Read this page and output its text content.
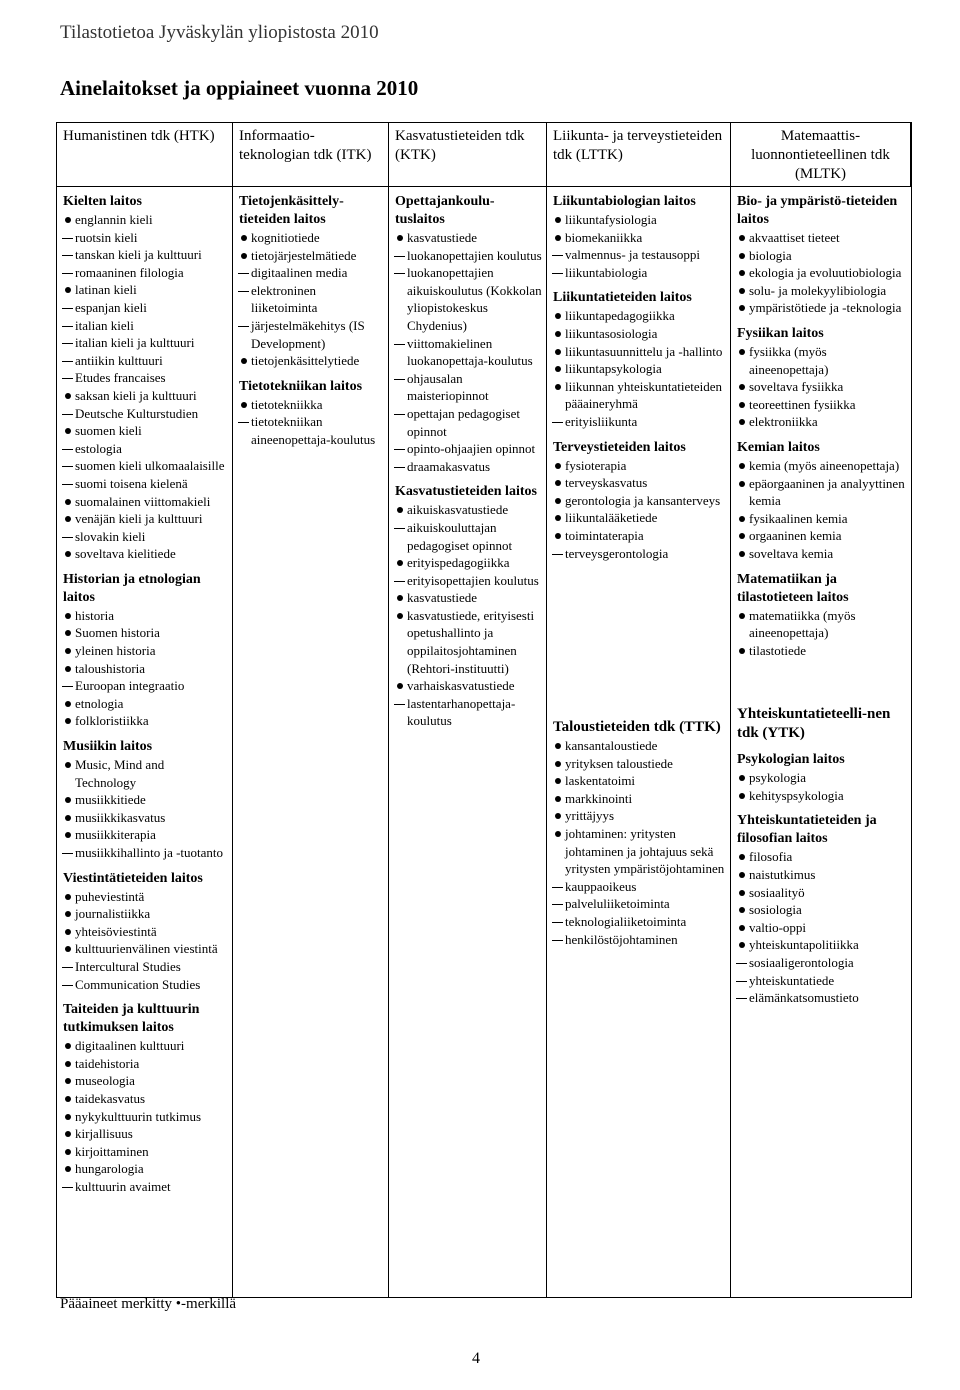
Tilastotietoa Jyväskylän yliopistosta 2010
Ainelaitokset ja oppiaineet vuonna 2010
Humanistinen tdk (HTK)	Informaatio-teknologian tdk (ITK)
Kasvatustieteiden tdk (KTK)
Liikunta- ja terveystieteiden tdk (LTTK)
Matemaattis-luonnontieteellinen tdk (MLTK)
Kielten laitos
englannin kieli
ruotsin kieli
tanskan kieli ja kulttuuri
romaaninen filologia
latinan kieli
espanjan kieli
italian kieli
italian kieli ja kulttuuri
antiikin kulttuuri
Etudes francaises
saksan kieli ja kulttuuri
Deutsche Kulturstudien
suomen kieli
estologia
suomen kieli ulkomaalaisille
suomi toisena kielenä
suomalainen viittomakieli
venäjän kieli ja kulttuuri
slovakin kieli
soveltava kielitiede
Historian ja etnologian laitos
historia
Suomen historia
yleinen historia
taloushistoria
Euroopan integraatio
etnologia
folkloristiikka
Musiikin laitos
Music, Mind and Technology
musiikkitiede
musiikkikasvatus
musiikkiterapia
musiikkihallinto ja -tuotanto
Viestintätieteiden laitos
puheviestintä
journalistiikka
yhteisöviestintä
kulttuurienvälinen viestintä
Intercultural Studies
Communication Studies
Taiteiden ja kulttuurin tutkimuksen laitos
digitaalinen kulttuuri
taidehistoria
museologia
taidekasvatus
nykykulttuurin tutkimus
kirjallisuus
kirjoittaminen
hungarologia
kulttuurin avaimet
Tietojenkäsittely-tieteiden laitos
kognitiotiede
tietojärjestelmätiede
digitaalinen media
elektroninen liiketoiminta
järjestelmäkehitys (IS Development)
tietojenkäsittelytiede
Tietotekniikan laitos
tietotekniikka
tietotekniikan aineenopettaja-koulutus
Opettajankoulu-tuslaitos
kasvatustiede
luokanopettajien koulutus
luokanopettajien aikuiskoulutus (Kokkolan yliopistokeskus Chydenius)
viittomakielinen luokanopettaja-koulutus
ohjausalan maisteriopinnot
opettajan pedagogiset opinnot
opinto-ohjaajien opinnot
draamakasvatus
Kasvatustieteiden laitos
aikuiskasvatustiede
aikuiskouluttajan pedagogiset opinnot
erityispedagogiikka
erityisopettajien koulutus
kasvatustiede
kasvatustiede, erityisesti opetushallinto ja oppilaitosjohtaminen (Rehtori-instituutti)
varhaiskasvatustiede
lastentarhanopettaja-koulutus
Liikuntabiologian laitos
liikuntafysiologia
biomekaniikka
valmennus- ja testausoppi
liikuntabiologia
Liikuntatieteiden laitos
liikuntapedagogiikka
liikuntasosiologia
liikuntasuunnittelu ja -hallinto
liikuntapsykologia
liikunnan yhteiskuntatieteiden pääaineryhmä
erityisliikunta
Terveystieteiden laitos
fysioterapia
terveyskasvatus
gerontologia ja kansanterveys
liikuntalääketiede
toimintaterapia
terveysgerontologia
Taloustieteiden tdk (TTK)
kansantaloustiede
yrityksen taloustiede
laskentatoimi
markkinointi
yrittäjyys
johtaminen: yritysten johtaminen ja johtajuus sekä yritysten ympäristöjohtaminen
kauppaoikeus
palveluliiketoiminta
teknologialiiketoiminta
henkilöstöjohtaminen
Bio- ja ympäristö-tieteiden laitos
akvaattiset tieteet
biologia
ekologia ja evoluutiobiologia
solu- ja molekyylibiologia
ympäristötiede ja -teknologia
Fysiikan laitos
fysiikka (myös aineenopettaja)
soveltava fysiikka
teoreettinen fysiikka
elektroniikka
Kemian laitos
kemia (myös aineenopettaja)
epäorgaaninen ja analyyttinen kemia
fysikaalinen kemia
orgaaninen kemia
soveltava kemia
Matematiikan ja tilastotieteen laitos
matematiikka (myös aineenopettaja)
tilastotiede
Yhteiskuntatieteelli-nen tdk (YTK)
Psykologian laitos
psykologia
kehityspsykologia
Yhteiskuntatieteiden ja filosofian laitos
filosofia
naistutkimus
sosiaalityö
sosiologia
valtio-oppi
yhteiskuntapolitiikka
sosiaaligerontologia
yhteiskuntatiede
elämänkatsomustieto
Pääaineet merkitty •-merkillä
4
